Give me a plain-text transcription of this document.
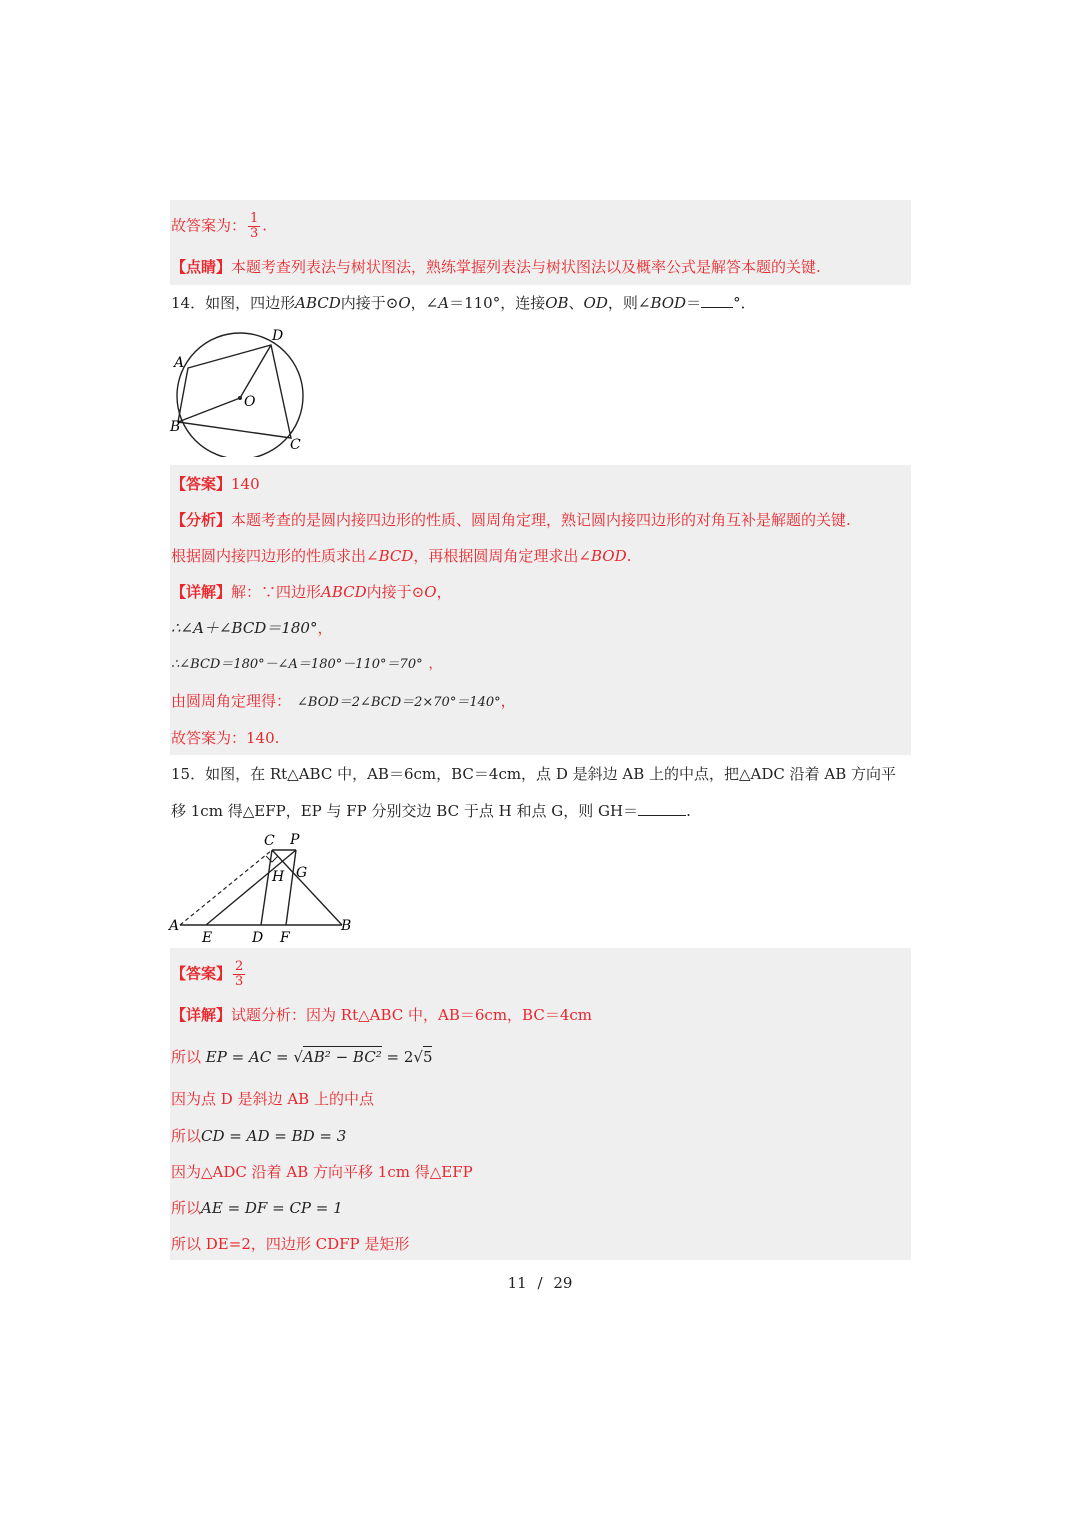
故答案为： $\frac{1}{3}$ .
【点睛】本题考查列表法与树状图法，熟练掌握列表法与树状图法以及概率公式是解答本题的关键.
14．如图，四边形ABCD内接于⊙O，∠A＝110°，连接OB、OD，则∠BOD＝ °．
A
B
C
D
O
【答案】140
【分析】本题考查的是圆内接四边形的性质、圆周角定理，熟记圆内接四边形的对角互补是解题的关键.
根据圆内接四边形的性质求出∠BCD，再根据圆周角定理求出∠BOD.
【详解】解：∵四边形ABCD内接于⊙O，
∴∠A＋∠BCD＝180°，
∴∠BCD＝180°－∠A＝180°－110°＝70° ，
由圆周角定理得： ∠BOD＝2∠BCD＝2×70°＝140°，
故答案为：140.
15．如图，在 Rt△ABC 中，AB＝6cm，BC＝4cm，点 D 是斜边 AB 上的中点，把△ADC 沿着 AB 方向平
移 1cm 得△EFP，EP 与 FP 分别交边 BC 于点 H 和点 G，则 GH＝	.
A	B
C P
H G
E	D F
【答案】 $\frac{2}{3}$
【详解】试题分析：因为 Rt△ABC 中，AB＝6cm，BC＝4cm
所以 EP = AC = √AB² − BC² = 2√5
因为点 D 是斜边 AB 上的中点
所以CD = AD = BD = 3
因为△ADC 沿着 AB 方向平移 1cm 得△EFP
所以AE = DF = CP = 1
所以 DE=2，四边形 CDFP 是矩形
11 / 29
